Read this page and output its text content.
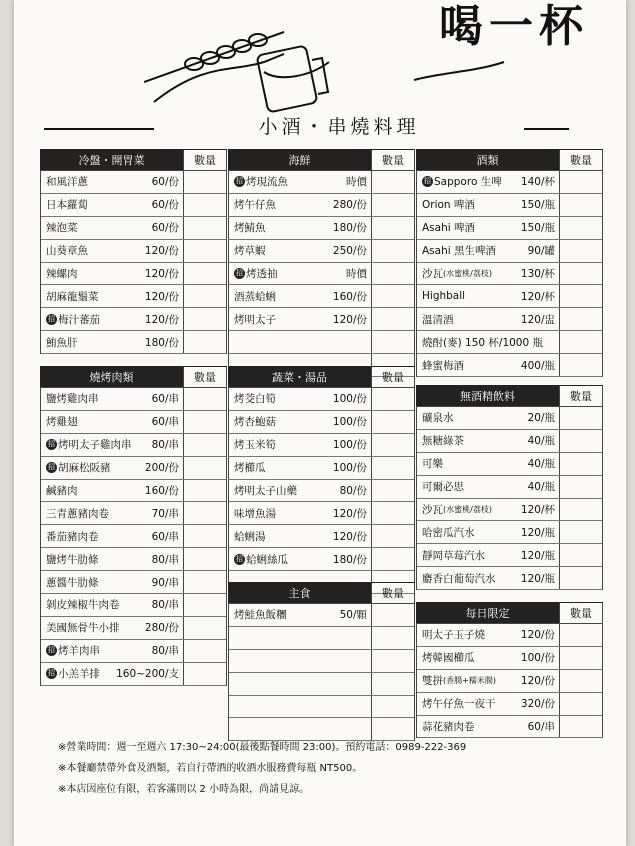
喝一杯
小酒・串燒料理
冷盤・開胃菜	數量
和風洋蔥	60/份
日本蘿蔔	60/份
辣泡菜	60/份
山葵章魚	120/份
辣螺肉	120/份
胡麻龍鬚菜	120/份
招 梅汁蕃茄	120/份
鮪魚肝	180/份
燒烤肉類	數量
鹽烤雞肉串	60/串
烤雞翅	60/串
招 烤明太子雞肉串 80/串
招 胡麻松阪豬	200/份
鹹豬肉	160/份
三青蔥豬肉卷	70/串
番茄豬肉卷	60/串
鹽烤牛肋條	80/串
蔥醬牛肋條	90/串
剝皮辣椒牛肉卷	80/串
美國無骨牛小排 280/份
招 烤羊肉串	80/串
招 小羔羊排 160~200/支
海鮮	數量
招 烤現流魚	時價
烤午仔魚	280/份
烤鯖魚	180/份
烤草蝦	250/份
招 烤透抽	時價
酒蒸蛤蜊	160/份
烤明太子	120/份
蔬菜・湯品	數量
烤茭白筍	100/份
烤杏鮑菇	100/份
烤玉米筍	100/份
烤櫛瓜	100/份
烤明太子山藥	80/份
味增魚湯	120/份
蛤蜊湯	120/份
招 蛤蜊絲瓜	180/份
主食	數量
烤鮭魚飯糰	50/顆
酒類	數量
招 Sapporo 生啤 140/杯
Orion 啤酒	150/瓶
Asahi 啤酒	150/瓶
Asahi 黑生啤酒	90/罐
沙瓦 (水蜜桃/荔枝)	130/杯
Highball	120/杯
溫清酒	120/盅
燒酎(麥) 150 杯/1000 瓶
蜂蜜梅酒	400/瓶
無酒精飲料	數量
礦泉水	20/瓶
無糖綠茶	40/瓶
可樂	40/瓶
可爾必思	40/瓶
沙瓦 (水蜜桃/荔枝)	120/杯
哈密瓜汽水	120/瓶
靜岡草莓汽水	120/瓶
麝香白葡萄汽水 120/瓶
每日限定	數量
明太子玉子燒	120/份
烤韓國櫛瓜	100/份
雙拼 (香腸+糯米腸) 120/份
烤午仔魚一夜干 320/份
蒜花豬肉卷	60/串
※營業時間：週一至週六 17:30~24:00(最後點餐時間 23:00)。預約電話：0989-222-369
※本餐廳禁帶外食及酒類，若自行帶酒的收酒水服務費每瓶 NT500。
※本店因座位有限，若客滿則以 2 小時為限，尚請見諒。
